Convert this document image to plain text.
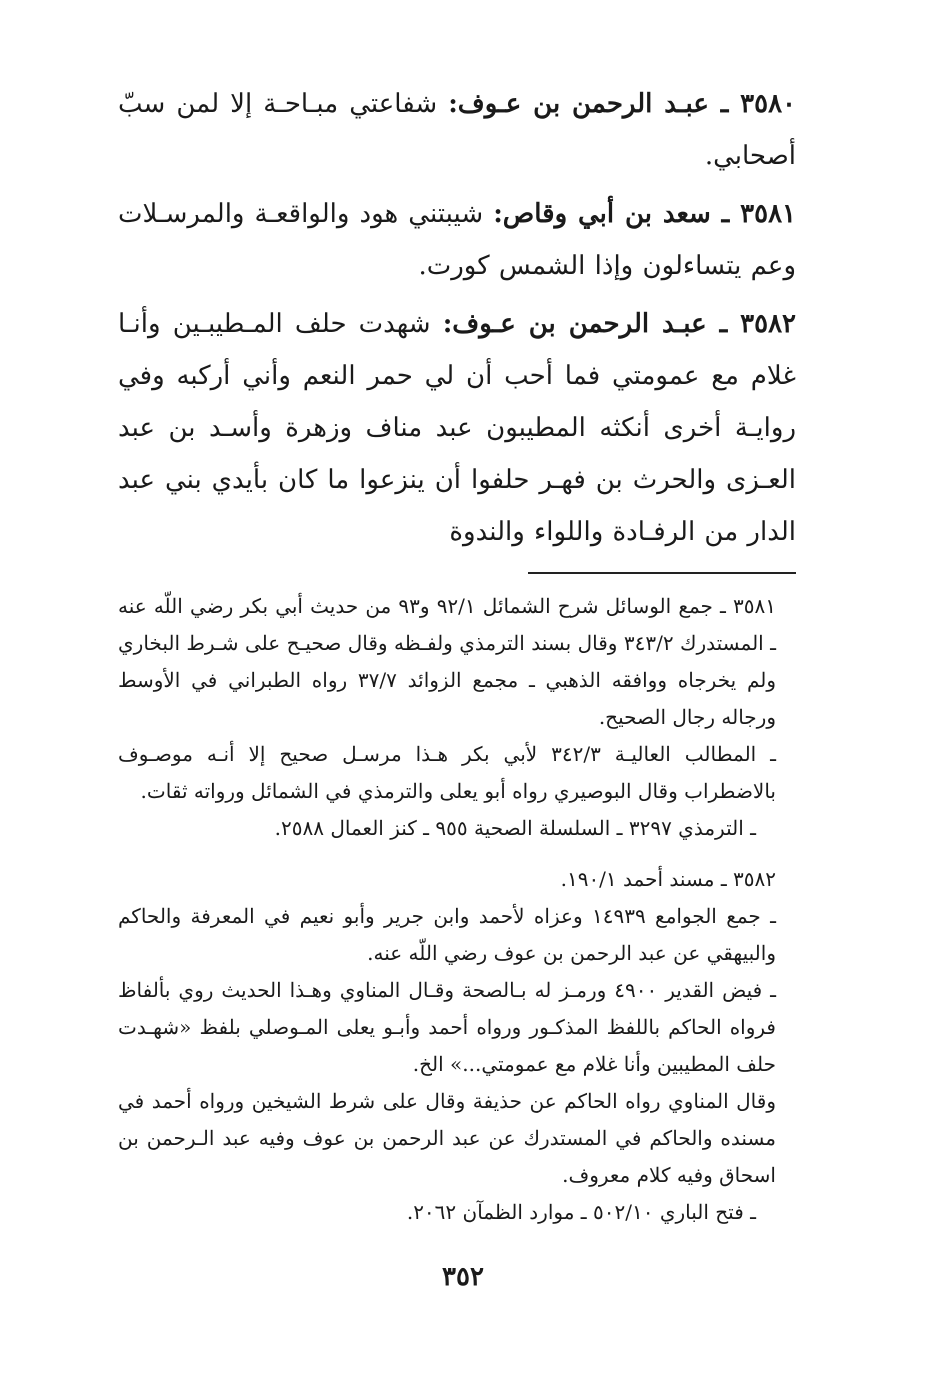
٣٥٨٠ ـ عبـد الرحمن بن عـوف: شفاعتي مبـاحـة إلا لمن سبّ أصحابي.

٣٥٨١ ـ سعد بن أبي وقاص: شيبتني هود والواقعـة والمرسـلات وعم يتساءلون وإذا الشمس كورت.

٣٥٨٢ ـ عبـد الرحمن بن عـوف: شهدت حلف المـطيبـين وأنـا غلام مع عمومتي فما أحب أن لي حمر النعم وأني أركبه وفي روايـة أخرى أنكثه المطيبون عبد مناف وزهرة وأسـد بن عبد العـزى والحرث بن فهـر حلفوا أن ينزعوا ما كان بأيدي بني عبد الدار من الرفـادة واللواء والندوة

٣٥٨١ ـ جمع الوسائل شرح الشمائل ٩٢/١ و٩٣ من حديث أبي بكر رضي اللّه عنه ـ المستدرك ٣٤٣/٢ وقال بسند الترمذي ولفـظه وقال صحيـح على شـرط البخاري ولم يخرجاه ووافقه الذهبي ـ مجمع الزوائد ٣٧/٧ رواه الطبراني في الأوسط ورجاله رجال الصحيح.

ـ المطالب العاليـة ٣٤٢/٣ لأبي بكر هـذا مرسـل صحيح إلا أنـه موصـوف بالاضطراب وقال البوصيري رواه أبو يعلى والترمذي في الشمائل ورواته ثقات.

ـ الترمذي ٣٢٩٧ ـ السلسلة الصحية ٩٥٥ ـ كنز العمال ٢٥٨٨.

٣٥٨٢ ـ مسند أحمد ١٩٠/١.

ـ جمع الجوامع ١٤٩٣٩ وعزاه لأحمد وابن جرير وأبو نعيم في المعرفة والحاكم والبيهقي عن عبد الرحمن بن عوف رضي اللّه عنه.

ـ فيض القدير ٤٩٠٠ ورمـز له بـالصحة وقـال المناوي وهـذا الحديث روي بألفاظ فرواه الحاكم باللفظ المذكـور ورواه أحمد وأبـو يعلى المـوصلي بلفظ «شهـدت حلف المطيبين وأنا غلام مع عمومتي...» الخ.

وقال المناوي رواه الحاكم عن حذيفة وقال على شرط الشيخين ورواه أحمد في مسنده والحاكم في المستدرك عن عبد الرحمن بن عوف وفيه عبد الـرحمن بن اسحاق وفيه كلام معروف.

ـ فتح الباري ٥٠٢/١٠ ـ موارد الظمآن ٢٠٦٢.

٣٥٢
